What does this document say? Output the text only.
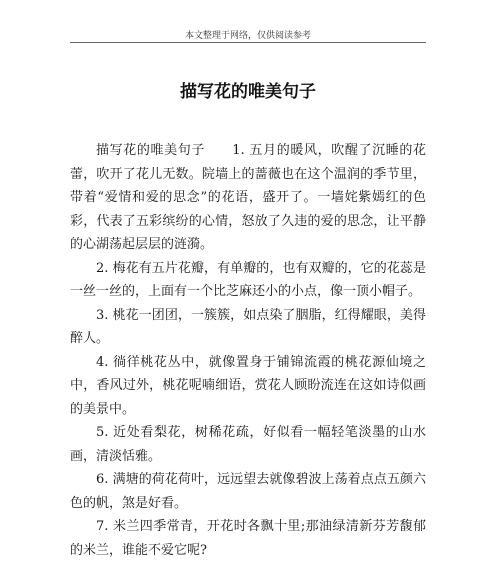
本文整理于网络，仅供阅读参考
描写花的唯美句子

描写花的唯美句子　　1. 五月的暖风，吹醒了沉睡的花蕾，吹开了花儿无数。院墙上的蔷薇也在这个温润的季节里，带着“爱情和爱的思念”的花语，盛开了。一墙姹紫嫣红的色彩，代表了五彩缤纷的心情，怒放了久违的爱的思念，让平静的心湖荡起层层的涟漪。

2. 梅花有五片花瓣，有单瓣的，也有双瓣的，它的花蕊是一丝一丝的，上面有一个比芝麻还小的小点，像一顶小帽子。

3. 桃花一团团，一簇簇，如点染了胭脂，红得耀眼，美得醉人。

4. 徜徉桃花丛中，就像置身于铺锦流霞的桃花源仙境之中，香风过外，桃花呢喃细语，赏花人顾盼流连在这如诗似画的美景中。

5. 近处看梨花，树稀花疏，好似看一幅轻笔淡墨的山水画，清淡恬雅。

6. 满塘的荷花荷叶，远远望去就像碧波上荡着点点五颜六色的帆，煞是好看。

7. 米兰四季常青，开花时各飘十里;那油绿清新芬芳馥郁的米兰，谁能不爱它呢?
